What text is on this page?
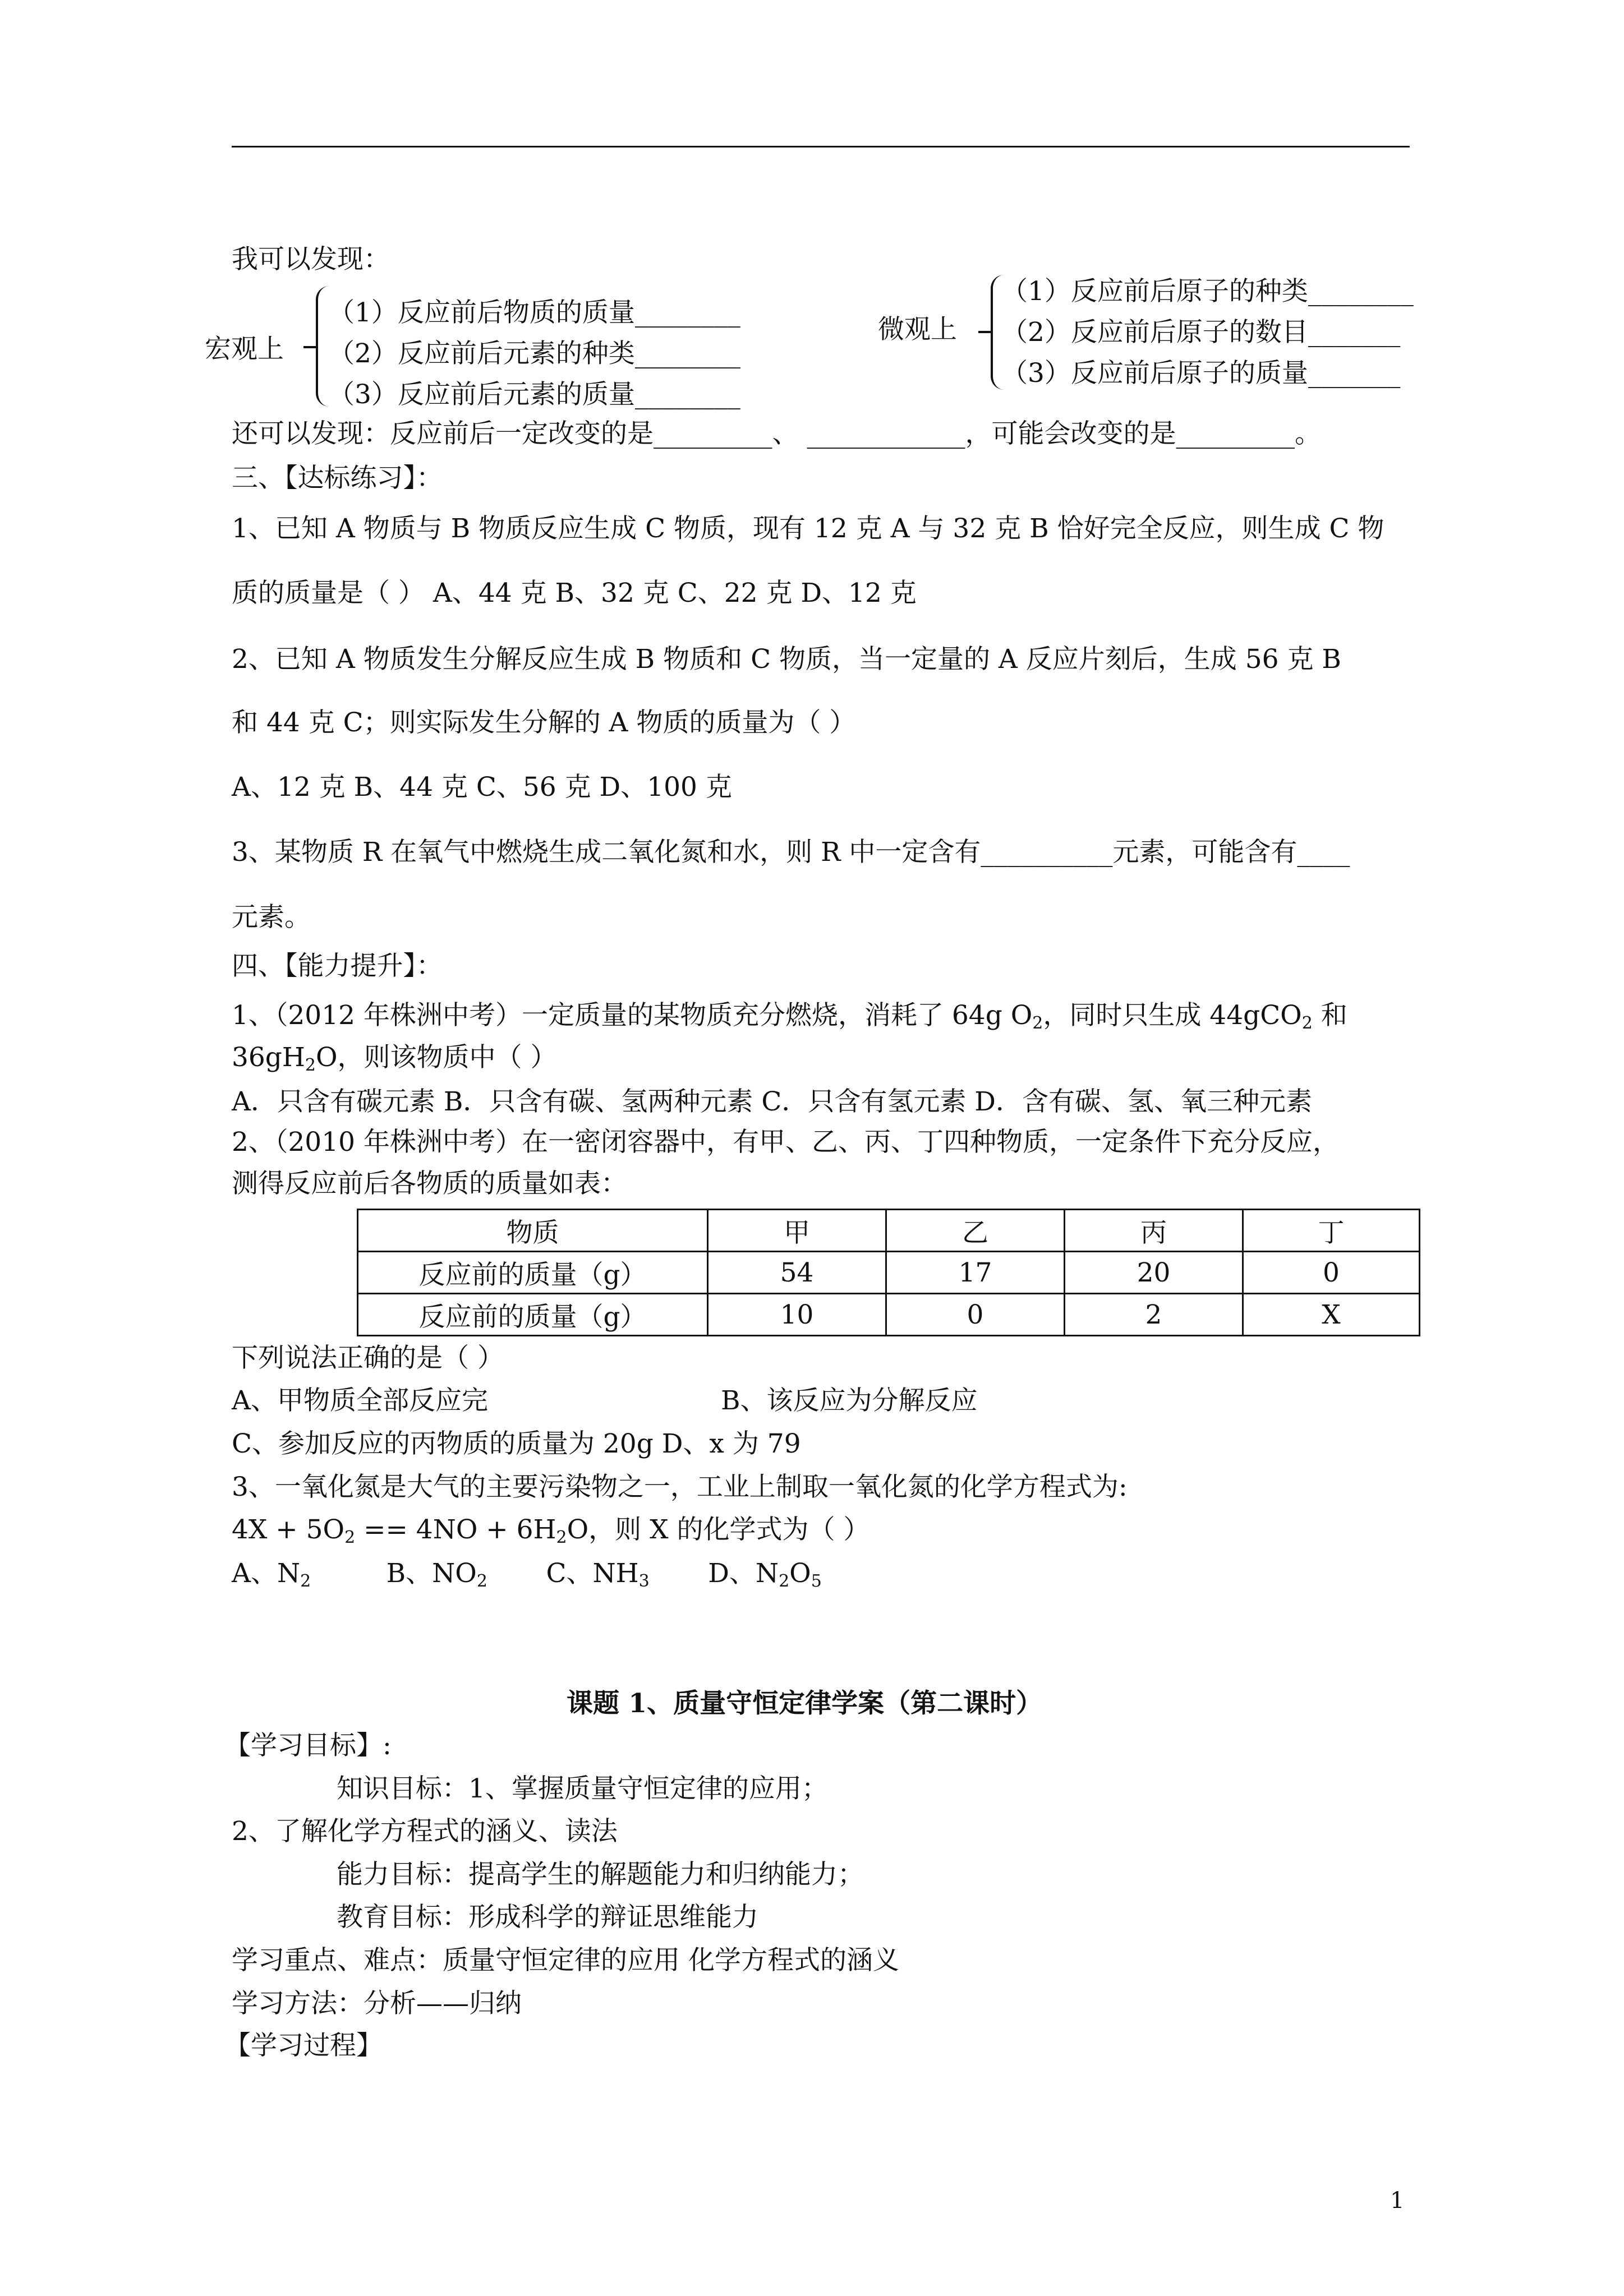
我可以发现：
宏观上
（1）反应前后物质的质量________
（2）反应前后元素的种类________
（3）反应前后元素的质量________
微观上
（1）反应前后原子的种类________
（2）反应前后原子的数目_______
（3）反应前后原子的质量_______
还可以发现：反应前后一定改变的是_________、 ____________，可能会改变的是_________。
三、【达标练习】：
1、已知 A 物质与 B 物质反应生成 C 物质，现有 12 克 A 与 32 克 B 恰好完全反应，则生成 C 物
质的质量是（ ） A、44 克 B、32 克 C、22 克 D、12 克
2、已知 A 物质发生分解反应生成 B 物质和 C 物质，当一定量的 A 反应片刻后，生成 56 克 B
和 44 克 C；则实际发生分解的 A 物质的质量为（ ）
A、12 克 B、44 克 C、56 克 D、100 克
3、某物质 R 在氧气中燃烧生成二氧化氮和水，则 R 中一定含有__________元素，可能含有____
元素。
四、【能力提升】：
1、（2012 年株洲中考）一定质量的某物质充分燃烧，消耗了 64g $O_2$，同时只生成 44gCO$_2$ 和
$36gH_2O$，则该物质中（ ）
A．只含有碳元素 B．只含有碳、氢两种元素 C．只含有氢元素 D．含有碳、氢、氧三种元素
2、（2010 年株洲中考）在一密闭容器中，有甲、乙、丙、丁四种物质，一定条件下充分反应，
测得反应前后各物质的质量如表：
物质	甲	乙	丙	丁
反应前的质量（g）	54	17	20	0
反应前的质量（g）	10	0	2	X
下列说法正确的是（ ）
A、甲物质全部反应完	B、该反应为分解反应
C、参加反应的丙物质的质量为 20g D、x 为 79
3、一氧化氮是大气的主要污染物之一，工业上制取一氧化氮的化学方程式为:
$4X + 5O_2 == 4NO + 6H_2O$，则 X 的化学式为（ ）
A、$N_2$         B、$NO_2$       C、$NH_3$       D、$N_2O_5$
课题 1、质量守恒定律学案（第二课时）
【学习目标】:
知识目标：1、掌握质量守恒定律的应用；
2、了解化学方程式的涵义、读法
能力目标：提高学生的解题能力和归纳能力；
教育目标：形成科学的辩证思维能力
学习重点、难点：质量守恒定律的应用 化学方程式的涵义
学习方法：分析——归纳
【学习过程】
1
